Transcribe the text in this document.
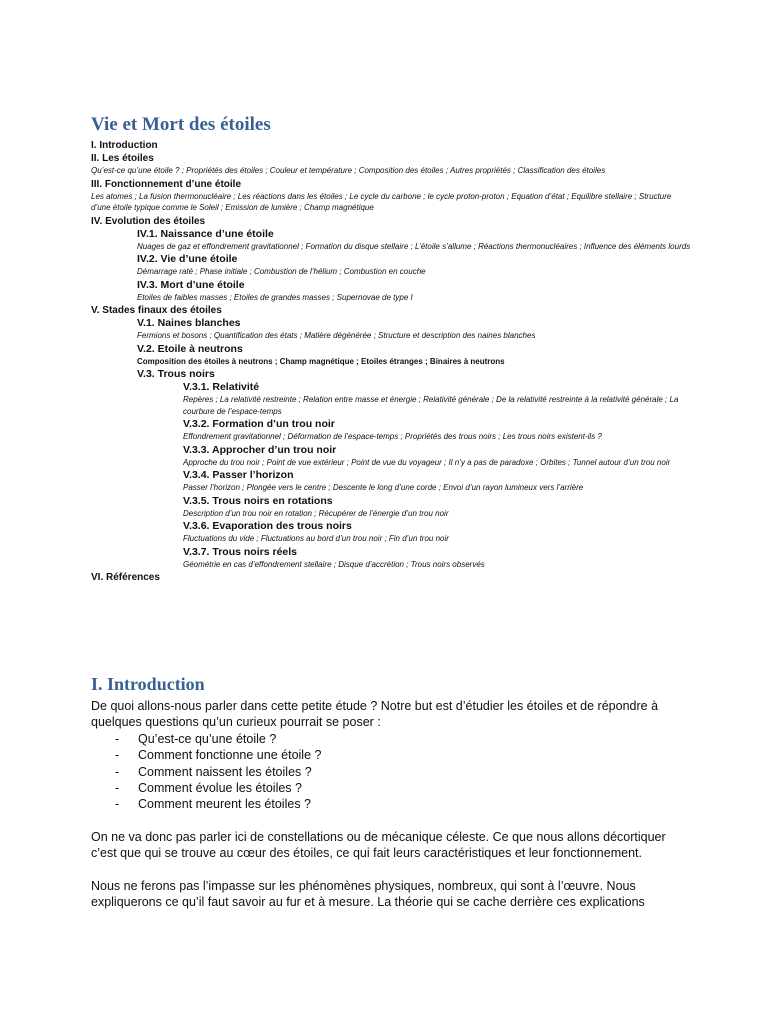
Vie et Mort des étoiles
I. Introduction
II. Les étoiles
Qu’est-ce qu’une étoile ? ; Propriétés des étoiles ; Couleur et température ; Composition des étoiles ; Autres propriétés ; Classification des étoiles
III. Fonctionnement d’une étoile
Les atomes ; La fusion thermonucléaire ; Les réactions dans les étoiles ; Le cycle du carbone ; le cycle proton-proton ; Equation d’état ; Equilibre stellaire ; Structure d’une étoile typique comme le Soleil ; Emission de lumière ; Champ magnétique
IV. Evolution des étoiles
IV.1. Naissance d’une étoile
Nuages de gaz et effondrement gravitationnel ; Formation du disque stellaire ; L’étoile s’allume ; Réactions thermonucléaires ; Influence des éléments lourds
IV.2. Vie d’une étoile
Démarrage raté ; Phase initiale ; Combustion de l’hélium ; Combustion en couche
IV.3. Mort d’une étoile
Etoiles de faibles masses ; Etoiles de grandes masses ; Supernovae de type I
V. Stades finaux des étoiles
V.1. Naines blanches
Fermions et bosons ; Quantification des états ; Matière dégénérée ; Structure et description des naines blanches
V.2. Etoile à neutrons
Composition des étoiles à neutrons ; Champ magnétique ; Etoiles étranges ; Binaires à neutrons
V.3. Trous noirs
V.3.1. Relativité
Repères ; La relativité restreinte ; Relation entre masse et énergie ; Relativité générale ; De la relativité restreinte à la relativité générale ; La courbure de l’espace-temps
V.3.2. Formation d’un trou noir
Effondrement gravitationnel ; Déformation de l’espace-temps ; Propriétés des trous noirs ; Les trous noirs existent-ils ?
V.3.3. Approcher d’un trou noir
Approche du trou noir ; Point de vue extérieur ; Point de vue du voyageur ; Il n’y a pas de paradoxe ; Orbites ; Tunnel autour d’un trou noir
V.3.4. Passer l’horizon
Passer l’horizon ; Plongée vers le centre ; Descente le long d’une corde ; Envoi d’un rayon lumineux vers l’arrière
V.3.5. Trous noirs en rotations
Description d’un trou noir en rotation ; Récupérer de l’énergie d’un trou noir
V.3.6. Evaporation des trous noirs
Fluctuations du vide ; Fluctuations au bord d’un trou noir ; Fin d’un trou noir
V.3.7. Trous noirs réels
Géométrie en cas d’effondrement stellaire ; Disque d’accrétion ; Trous noirs observés
VI. Références
I. Introduction

De quoi allons-nous parler dans cette petite étude ? Notre but est d’étudier les étoiles et de répondre à quelques questions qu’un curieux pourrait se poser :

- Qu’est-ce qu’une étoile ?
- Comment fonctionne une étoile ?
- Comment naissent les étoiles ?
- Comment évolue les étoiles ?
- Comment meurent les étoiles ?

On ne va donc pas parler ici de constellations ou de mécanique céleste. Ce que nous allons décortiquer c’est que qui se trouve au cœur des étoiles, ce qui fait leurs caractéristiques et leur fonctionnement.

Nous ne ferons pas l’impasse sur les phénomènes physiques, nombreux, qui sont à l’œuvre. Nous expliquerons ce qu’il faut savoir au fur et à mesure. La théorie qui se cache derrière ces explications
